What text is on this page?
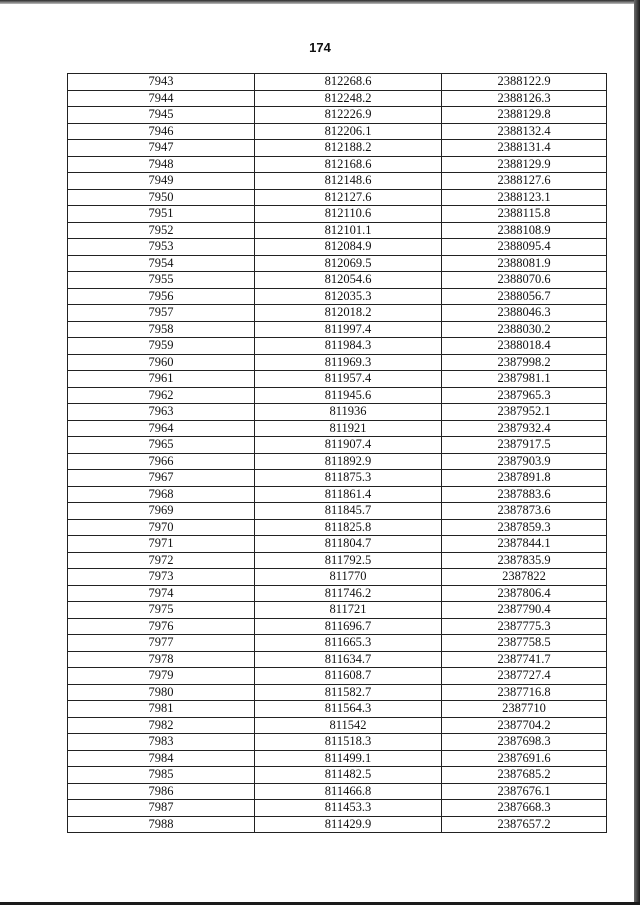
174
7943	812268.6	2388122.9
7944	812248.2	2388126.3
7945	812226.9	2388129.8
7946	812206.1	2388132.4
7947	812188.2	2388131.4
7948	812168.6	2388129.9
7949	812148.6	2388127.6
7950	812127.6	2388123.1
7951	812110.6	2388115.8
7952	812101.1	2388108.9
7953	812084.9	2388095.4
7954	812069.5	2388081.9
7955	812054.6	2388070.6
7956	812035.3	2388056.7
7957	812018.2	2388046.3
7958	811997.4	2388030.2
7959	811984.3	2388018.4
7960	811969.3	2387998.2
7961	811957.4	2387981.1
7962	811945.6	2387965.3
7963	811936	2387952.1
7964	811921	2387932.4
7965	811907.4	2387917.5
7966	811892.9	2387903.9
7967	811875.3	2387891.8
7968	811861.4	2387883.6
7969	811845.7	2387873.6
7970	811825.8	2387859.3
7971	811804.7	2387844.1
7972	811792.5	2387835.9
7973	811770	2387822
7974	811746.2	2387806.4
7975	811721	2387790.4
7976	811696.7	2387775.3
7977	811665.3	2387758.5
7978	811634.7	2387741.7
7979	811608.7	2387727.4
7980	811582.7	2387716.8
7981	811564.3	2387710
7982	811542	2387704.2
7983	811518.3	2387698.3
7984	811499.1	2387691.6
7985	811482.5	2387685.2
7986	811466.8	2387676.1
7987	811453.3	2387668.3
7988	811429.9	2387657.2
